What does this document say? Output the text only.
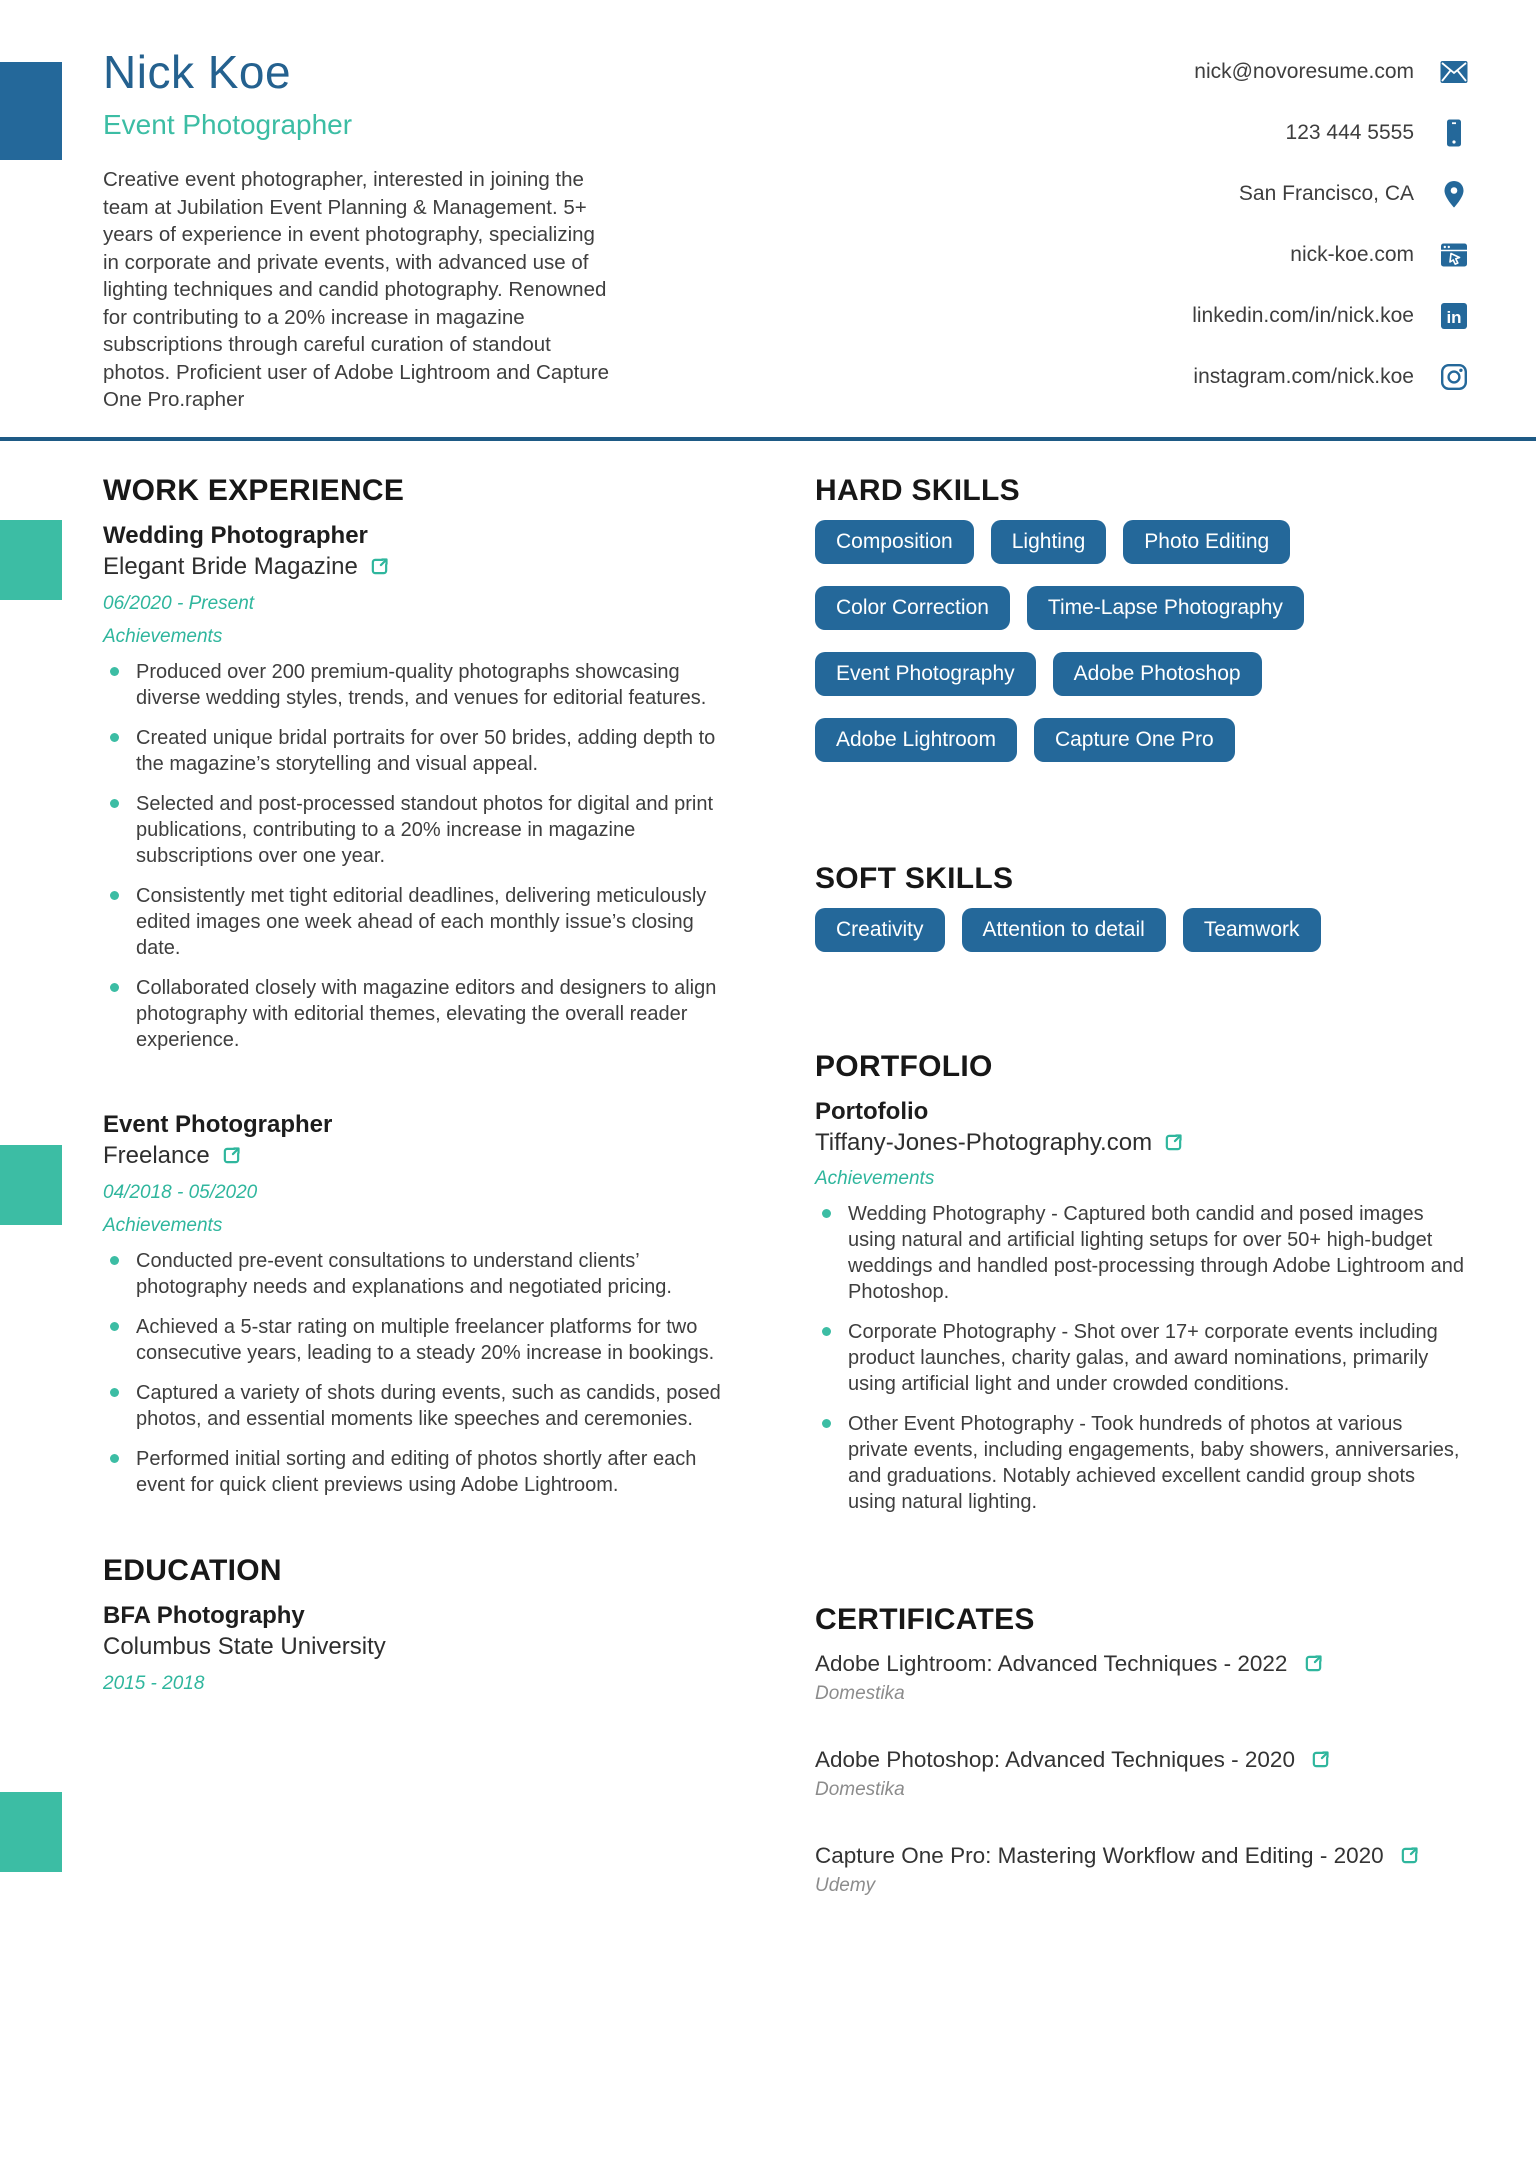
Nick Koe
Event Photographer
Creative event photographer, interested in joining the team at Jubilation Event Planning & Management. 5+ years of experience in event photography, specializing in corporate and private events, with advanced use of lighting techniques and candid photography. Renowned for contributing to a 20% increase in magazine subscriptions through careful curation of standout photos. Proficient user of Adobe Lightroom and Capture One Pro.rapher
nick@novoresume.com
123 444 5555
San Francisco, CA
nick-koe.com
linkedin.com/in/nick.koe in
instagram.com/nick.koe
WORK EXPERIENCE
Wedding Photographer
Elegant Bride Magazine
06/2020 - Present
Achievements
Produced over 200 premium-quality photographs showcasing diverse wedding styles, trends, and venues for editorial features.
Created unique bridal portraits for over 50 brides, adding depth to the magazine’s storytelling and visual appeal.
Selected and post-processed standout photos for digital and print publications, contributing to a 20% increase in magazine subscriptions over one year.
Consistently met tight editorial deadlines, delivering meticulously edited images one week ahead of each monthly issue’s closing date.
Collaborated closely with magazine editors and designers to align photography with editorial themes, elevating the overall reader experience.
Event Photographer
Freelance
04/2018 - 05/2020
Achievements
Conducted pre-event consultations to understand clients’ photography needs and explanations and negotiated pricing.
Achieved a 5-star rating on multiple freelancer platforms for two consecutive years, leading to a steady 20% increase in bookings.
Captured a variety of shots during events, such as candids, posed photos, and essential moments like speeches and ceremonies.
Performed initial sorting and editing of photos shortly after each event for quick client previews using Adobe Lightroom.
EDUCATION
BFA Photography
Columbus State University
2015 - 2018
HARD SKILLS
Composition	Lighting	Photo Editing
Color Correction	Time-Lapse Photography
Event Photography	Adobe Photoshop
Adobe Lightroom	Capture One Pro
SOFT SKILLS
Creativity	Attention to detail	Teamwork
PORTFOLIO
Portofolio
Tiffany-Jones-Photography.com
Achievements
Wedding Photography - Captured both candid and posed images using natural and artificial lighting setups for over 50+ high-budget weddings and handled post-processing through Adobe Lightroom and Photoshop.
Corporate Photography - Shot over 17+ corporate events including product launches, charity galas, and award nominations, primarily using artificial light and under crowded conditions.
Other Event Photography - Took hundreds of photos at various private events, including engagements, baby showers, anniversaries, and graduations. Notably achieved excellent candid group shots using natural lighting.
CERTIFICATES
Adobe Lightroom: Advanced Techniques - 2022
Domestika
Adobe Photoshop: Advanced Techniques - 2020
Domestika
Capture One Pro: Mastering Workflow and Editing - 2020
Udemy
